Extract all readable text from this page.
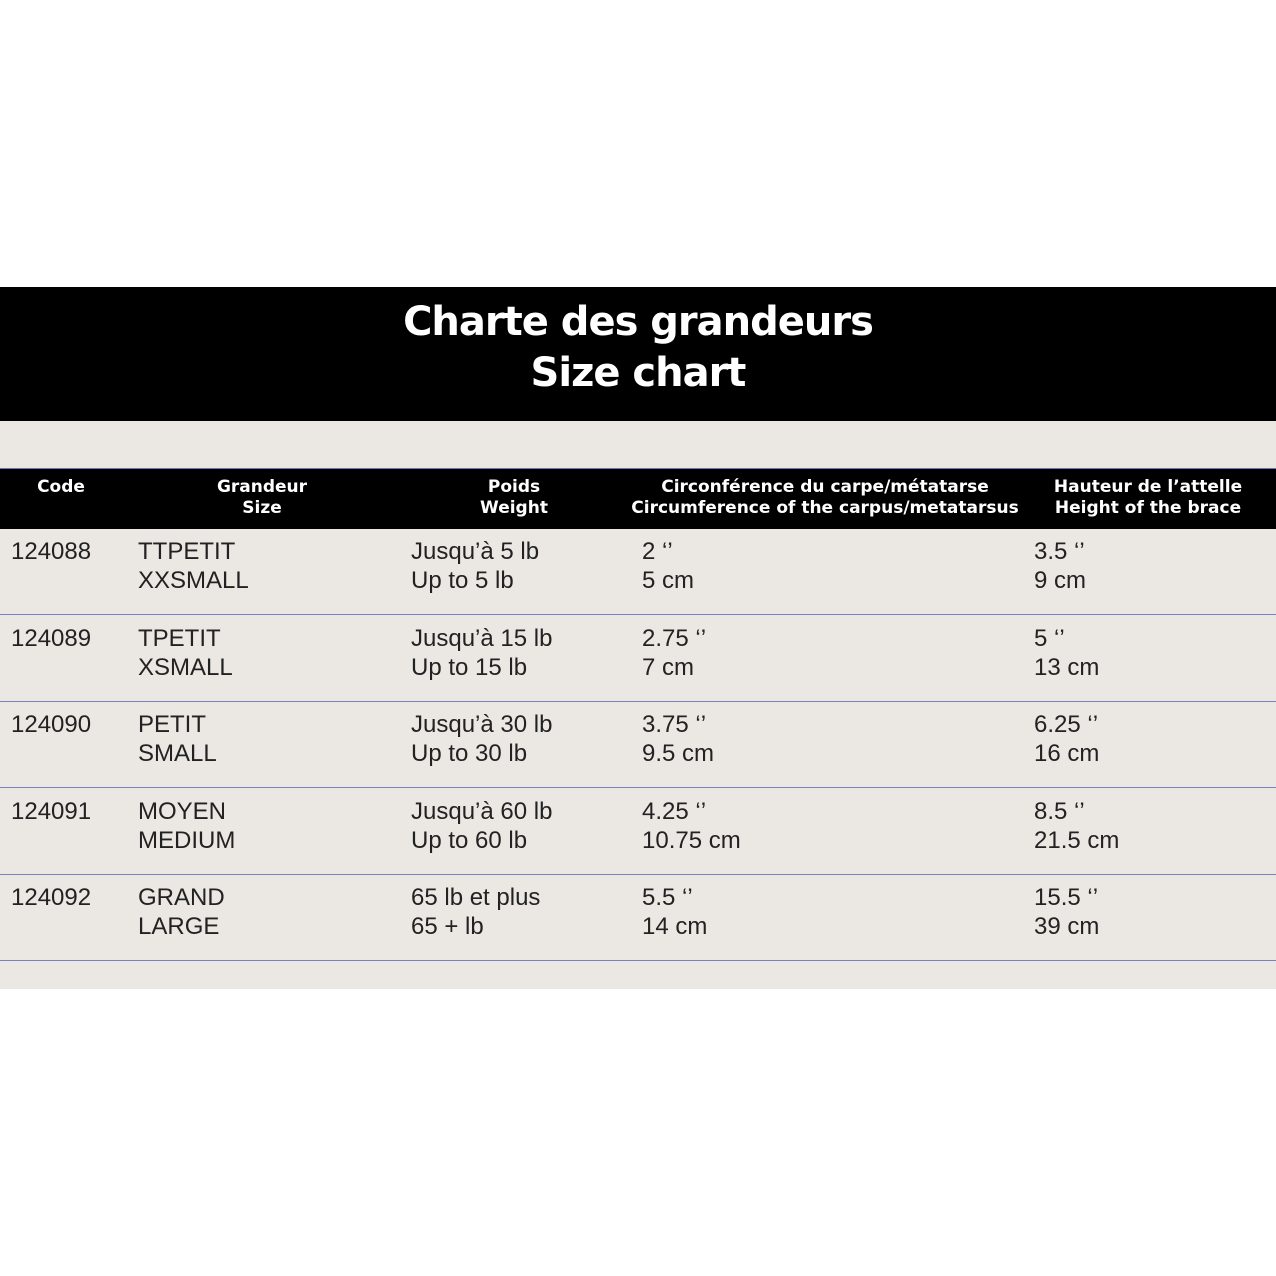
Charte des grandeurs
Size chart
Code	Grandeur
Size
Poids
Weight
Circonférence du carpe/métatarse
Circumference of the carpus/metatarsus
Hauteur de l’attelle
Height of the brace
124088 TTPETIT
XXSMALL
Jusqu’à 5 lb
Up to 5 lb
2 ‘’
5 cm
3.5 ‘’
9 cm
124089 TPETIT
XSMALL
Jusqu’à 15 lb
Up to 15 lb
2.75 ‘’
7 cm
5 ‘’
13 cm
124090 PETIT
SMALL
Jusqu’à 30 lb
Up to 30 lb
3.75 ‘’
9.5 cm
6.25 ‘’
16 cm
124091 MOYEN
MEDIUM
Jusqu’à 60 lb
Up to 60 lb
4.25 ‘’
10.75 cm
8.5 ‘’
21.5 cm
124092 GRAND
LARGE
65 lb et plus
65 + lb
5.5 ‘’
14 cm
15.5 ‘’
39 cm
